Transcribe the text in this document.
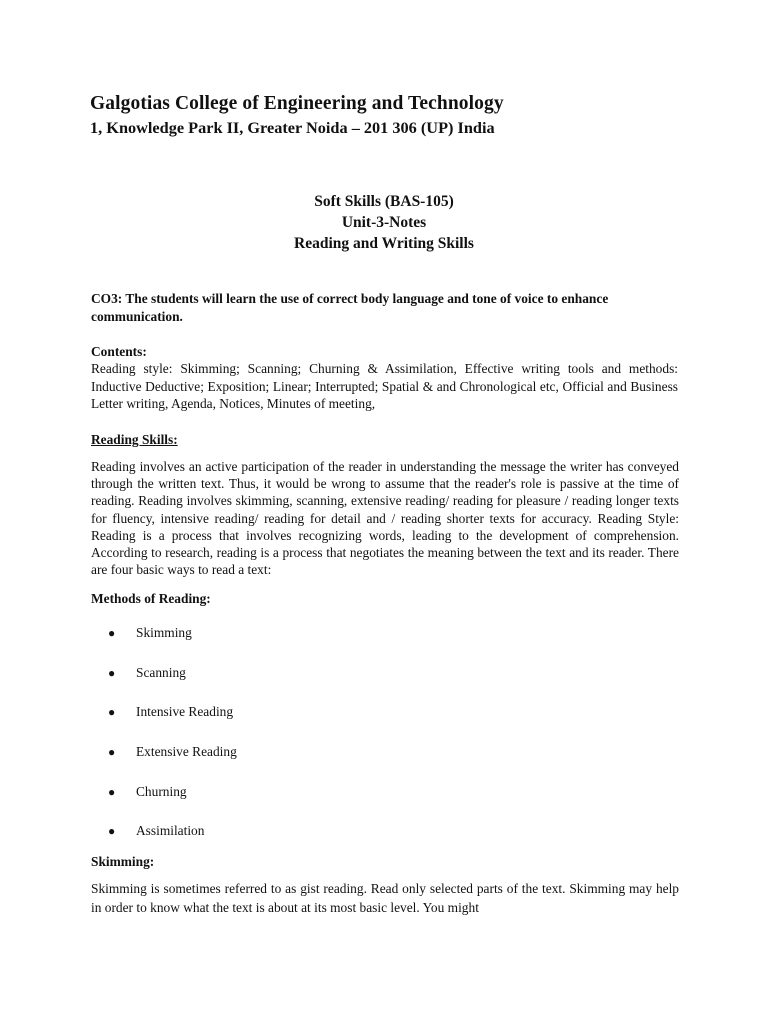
Galgotias College of Engineering and Technology
1, Knowledge Park II, Greater Noida – 201 306 (UP) India
Soft Skills (BAS-105)
Unit-3-Notes
Reading and Writing Skills
CO3: The students will learn the use of correct body language and tone of voice to enhance communication.
Contents:
Reading style: Skimming; Scanning; Churning & Assimilation, Effective writing tools and methods: Inductive Deductive; Exposition; Linear; Interrupted; Spatial & and Chronological etc, Official and Business Letter writing, Agenda, Notices, Minutes of meeting,
Reading Skills:
Reading involves an active participation of the reader in understanding the message the writer has conveyed through the written text. Thus, it would be wrong to assume that the reader's role is passive at the time of reading. Reading involves skimming, scanning, extensive reading/ reading for pleasure / reading longer texts for fluency, intensive reading/ reading for detail and / reading shorter texts for accuracy. Reading Style: Reading is a process that involves recognizing words, leading to the development of comprehension. According to research, reading is a process that negotiates the meaning between the text and its reader. There are four basic ways to read a text:
Methods of Reading:
● Skimming
● Scanning
● Intensive Reading
● Extensive Reading
● Churning
● Assimilation
Skimming:
Skimming is sometimes referred to as gist reading. Read only selected parts of the text. Skimming may help in order to know what the text is about at its most basic level. You might
